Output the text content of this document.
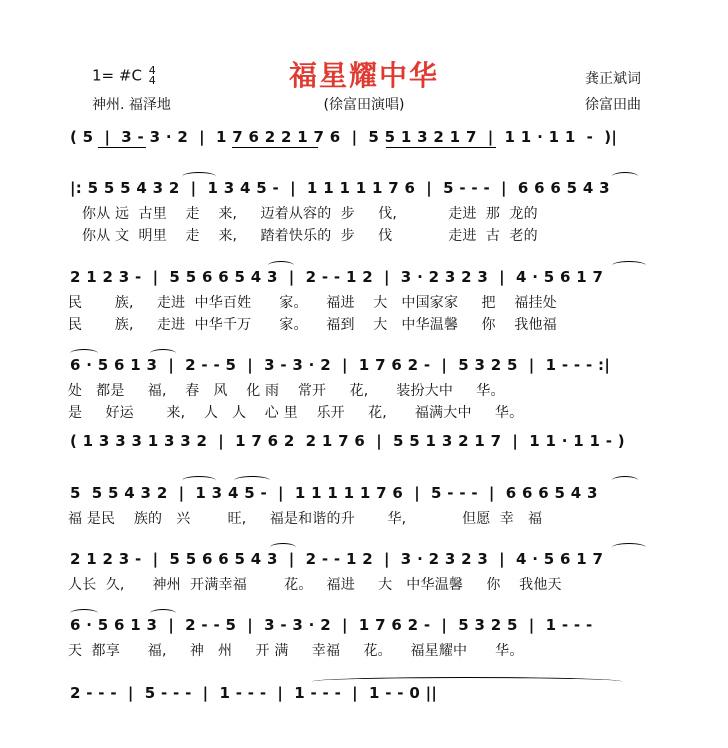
1= #C 4
4
神州. 福泽地
福星耀中华
(徐富田演唱)
龚正斌词
徐富田曲
( 5  |  3 - 3 · 2  |  1 7 6 2 2 1 7 6  |  5 5 1 3 2 1 7  |  1 1 · 1 1  -  )|
|: 5 5 5 4 3 2  |  1 3 4 5 -  |  1 1 1 1 1 7 6  |  5 - - -  |  6 6 6 5 4 3
你从 远  古里    走    来,     迈着从容的  步     伐,           走进  那  龙的
你从 文  明里    走    来,     踏着快乐的  步     伐            走进  古  老的
2 1 2 3 -  |  5 5 6 6 5 4 3  |  2 - - 1 2  |  3 · 2 3 2 3  |  4 · 5 6 1 7
民       族,     走进  中华百姓      家。    福进    大   中国家家     把    福挂处
民       族,     走进  中华千万      家。    福到    大   中华温馨     你    我他福
6 · 5 6 1 3  |  2 - - 5  |  3 - 3 · 2  |  1 7 6 2 -  |  5 3 2 5  |  1 - - - :|
处   都是     福,    春   风    化 雨    常开     花,      装扮大中     华。
是     好运       来,    人   人    心 里    乐开     花,      福满大中     华。
( 1 3 3 3 1 3 3 2  |  1 7 6 2  2 1 7 6  |  5 5 1 3 2 1 7  |  1 1 · 1 1 - )
5  5 5 4 3 2  |  1 3 4 5 -  |  1 1 1 1 1 7 6  |  5 - - -  |  6 6 6 5 4 3
福 是民    族的   兴        旺,     福是和谐的升       华,            但愿  幸   福
2 1 2 3 -  |  5 5 6 6 5 4 3  |  2 - - 1 2  |  3 · 2 3 2 3  |  4 · 5 6 1 7
人长  久,      神州  开满幸福        花。   福进     大   中华温馨     你    我他天
6 · 5 6 1 3  |  2 - - 5  |  3 - 3 · 2  |  1 7 6 2 -  |  5 3 2 5  |  1 - - -
天  都享      福,     神   州     开 满     幸福     花。    福星耀中      华。
2 - - -  |  5 - - -  |  1 - - -  |  1 - - -  |  1 - - 0 ||
